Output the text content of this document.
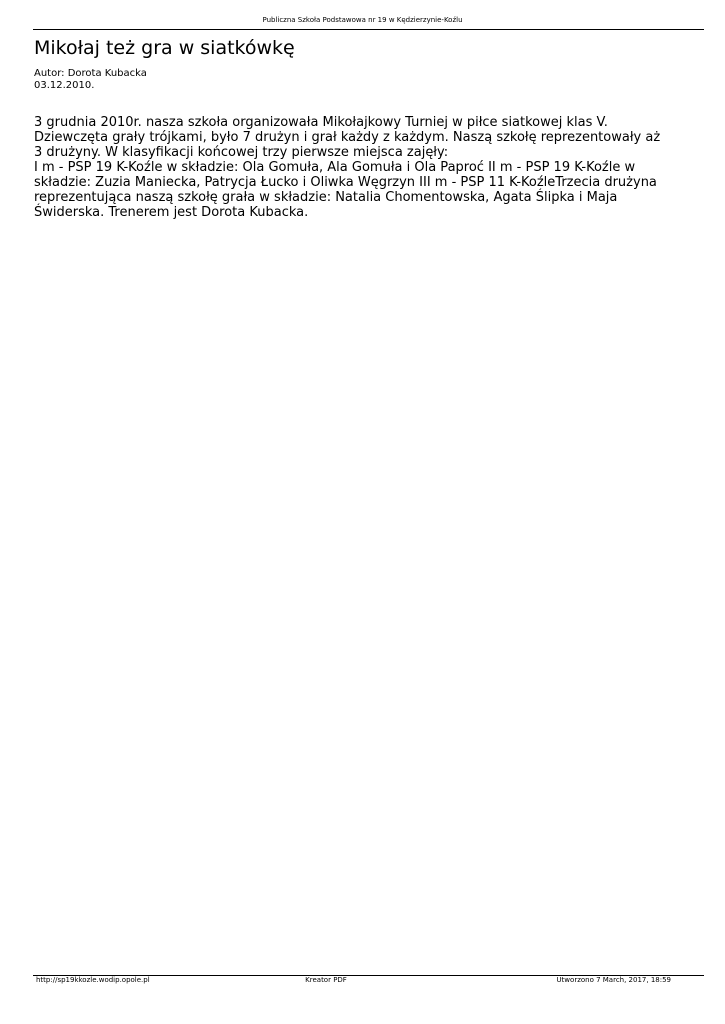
Publiczna Szkoła Podstawowa nr 19 w Kędzierzynie-Koźlu
Mikołaj też gra w siatkówkę
Autor: Dorota Kubacka
03.12.2010.

3 grudnia 2010r. nasza szkoła organizowała Mikołajkowy Turniej w piłce siatkowej klas V. Dziewczęta grały trójkami, było 7 drużyn i grał każdy z każdym. Naszą szkołę reprezentowały aż 3 drużyny. W klasyfikacji końcowej trzy pierwsze miejsca zajęły:
I m - PSP 19 K-Koźle w składzie: Ola Gomuła, Ala Gomuła i Ola Paproć II m - PSP 19 K-Koźle w składzie: Zuzia Maniecka, Patrycja Łucko i Oliwka Węgrzyn III m - PSP 11 K-KoźleTrzecia drużyna reprezentująca naszą szkołę grała w składzie: Natalia Chomentowska, Agata Ślipka i Maja Świderska. Trenerem jest Dorota Kubacka.

http://sp19kkozle.wodip.opole.pl	Kreator PDF	Utworzono 7 March, 2017, 18:59
